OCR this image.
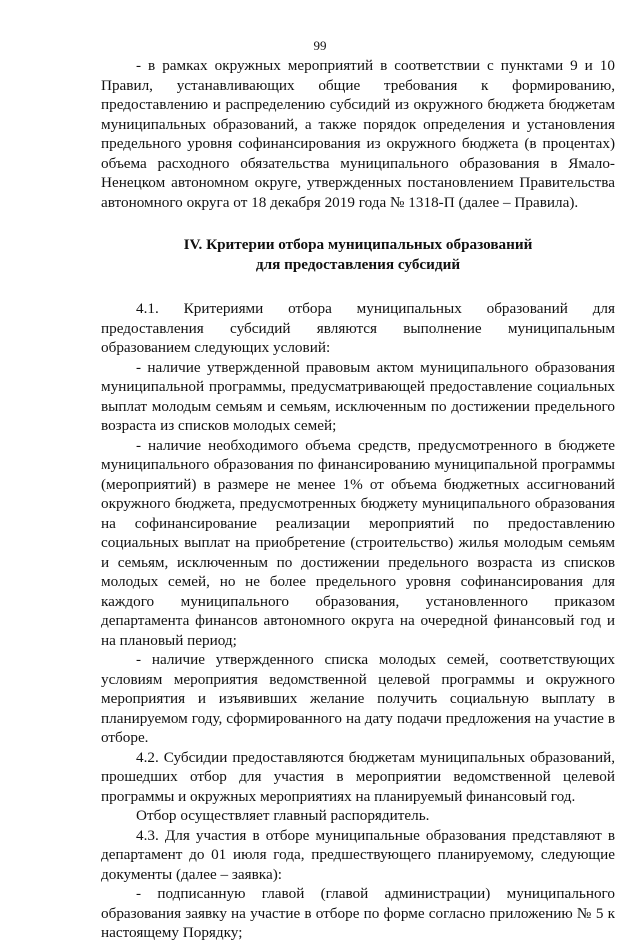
99

- в рамках окружных мероприятий в соответствии с пунктами 9 и 10 Правил, устанавливающих общие требования к формированию, предоставлению и распределению субсидий из окружного бюджета бюджетам муниципальных образований, а также порядок определения и установления предельного уровня софинансирования из окружного бюджета (в процентах) объема расходного обязательства муниципального образования в Ямало-Ненецком автономном округе, утвержденных постановлением Правительства автономного округа от 18 декабря 2019 года № 1318-П (далее – Правила).

IV. Критерии отбора муниципальных образований
для предоставления субсидий

4.1. Критериями отбора муниципальных образований для предоставления субсидий являются выполнение муниципальным образованием следующих условий:

- наличие утвержденной правовым актом муниципального образования муниципальной программы, предусматривающей предоставление социальных выплат молодым семьям и семьям, исключенным по достижении предельного возраста из списков молодых семей;

- наличие необходимого объема средств, предусмотренного в бюджете муниципального образования по финансированию муниципальной программы (мероприятий) в размере не менее 1% от объема бюджетных ассигнований окружного бюджета, предусмотренных бюджету муниципального образования на софинансирование реализации мероприятий по предоставлению социальных выплат на приобретение (строительство) жилья молодым семьям и семьям, исключенным по достижении предельного возраста из списков молодых семей, но не более предельного уровня софинансирования для каждого муниципального образования, установленного приказом департамента финансов автономного округа на очередной финансовый год и на плановый период;

- наличие утвержденного списка молодых семей, соответствующих условиям мероприятия ведомственной целевой программы и окружного мероприятия и изъявивших желание получить социальную выплату в планируемом году, сформированного на дату подачи предложения на участие в отборе.

4.2. Субсидии предоставляются бюджетам муниципальных образований, прошедших отбор для участия в мероприятии ведомственной целевой программы и окружных мероприятиях на планируемый финансовый год.

Отбор осуществляет главный распорядитель.

4.3. Для участия в отборе муниципальные образования представляют в департамент до 01 июля года, предшествующего планируемому, следующие документы (далее – заявка):

- подписанную главой (главой администрации) муниципального образования заявку на участие в отборе по форме согласно приложению № 5 к настоящему Порядку;
